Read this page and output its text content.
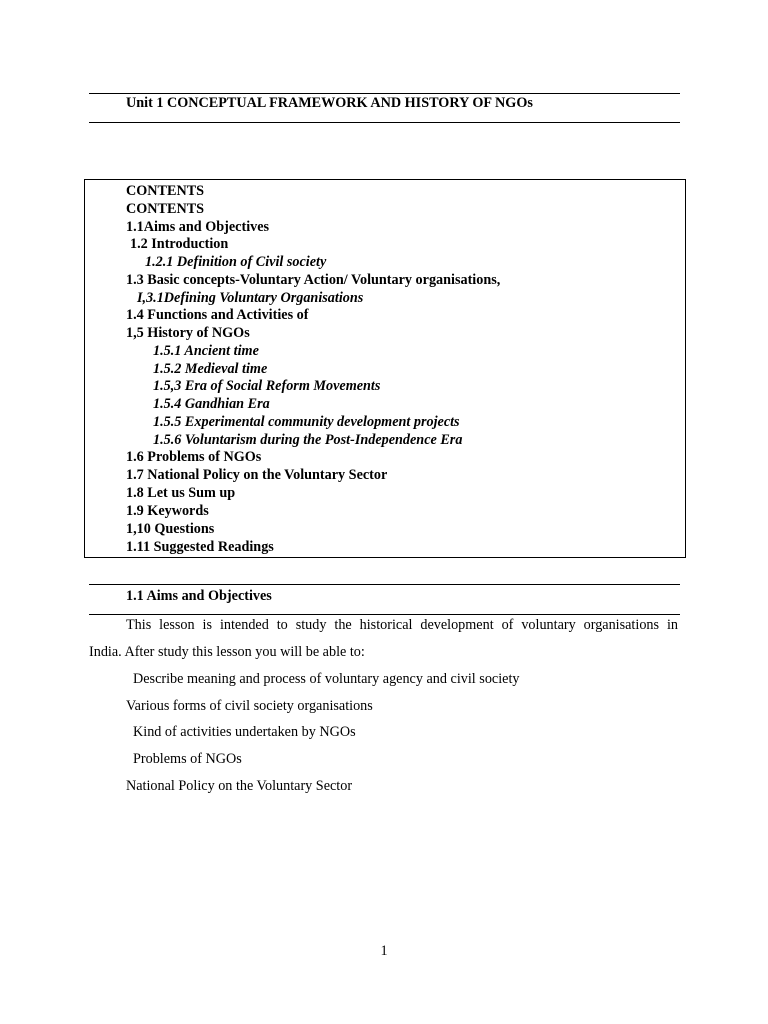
Unit 1 CONCEPTUAL FRAMEWORK AND HISTORY OF NGOs
CONTENTS
CONTENTS
1.1Aims and Objectives
1.2 Introduction
1.2.1 Definition of Civil society
1.3 Basic concepts-Voluntary Action/ Voluntary organisations,
I,3.1Defining Voluntary Organisations
1.4 Functions and Activities of
1,5 History of NGOs
1.5.1 Ancient time
1.5.2 Medieval time
1.5,3 Era of Social Reform Movements
1.5.4 Gandhian Era
1.5.5 Experimental community development projects
1.5.6 Voluntarism during the Post-Independence Era
1.6 Problems of NGOs
1.7 National Policy on the Voluntary Sector
1.8 Let us Sum up
1.9 Keywords
1,10 Questions
1.11 Suggested Readings
1.1 Aims and Objectives
This lesson is intended to study the historical development of voluntary organisations in
India. After study this lesson you will be able to:
Describe meaning and process of voluntary agency and civil society
Various forms of civil society organisations
Kind of activities undertaken by NGOs
Problems of NGOs
National Policy on the Voluntary Sector
1
